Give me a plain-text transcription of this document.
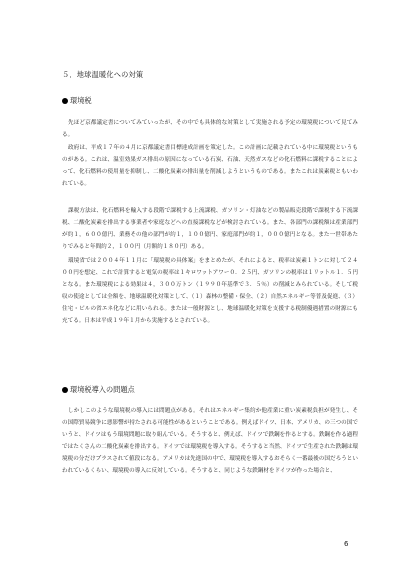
５．地球温暖化への対策
環境税

先ほど京都議定書についてみていったが、その中でも具体的な対策として実施される予定の環境税について見てみる。

政府は、平成１７年の４月に京都議定書目標達成計画を策定した。この計画に記載されている中に環境税というものがある。これは、温室効果ガス排出の原因になっている石炭、石油、天然ガスなどの化石燃料に課税することによって、化石燃料の使用量を抑制し、二酸化炭素の排出量を削減しようというものである。またこれは炭素税ともいわれている。

課税方法は、化石燃料を輸入する段階で課税する上流課税、ガソリン・灯油などの製品販売段階で課税する下流課税、二酸化炭素を排出する事業者や家庭などへの直接課税などが検討されている。また、各部門の課税額は産業部門が約１，６００億円、業務その他の部門が約１，１００億円、家庭部門が約１，０００億円となる。また一世帯あたりでみると年間約２，１００円（月額約１８０円）ある。

環境省では２００４年１１月に「環境税の具体案」をまとめたが、それによると、税率は炭素１トンに対して２４００円を想定、これで計算すると電気の税率は１キロワットアワー０．２５円、ガソリンの税率は１リットル１．５円となる。また環境税による効果は４，３００万トン（１９９０年基準で３．５％）の削減とみられている。そして税収の使途としては全額を、地球温暖化対策として、（１）森林の整備・保全、（２）自然エネルギー等普及促進、（３）住宅・ビルの省エネ化などに用いられる。または一般財源とし、地球温暖化対策を支援する税制優遇措置の財源にも充てる。日本は平成１９年１月から実施するとされている。

環境税導入の問題点

しかしこのような環境税の導入には問題点がある。それはエネルギー集約か他産業に重い炭素税負担が発生し、その国際貿易競争に悪影響が持たされる可能性があるということである。例えばドイツ、日本、アメリカ、の三つの国でいうと、ドイツはもう環境問題に取り組んでいる。そうすると、例えば、ドイツで鉄鋼を作るとする。鉄鋼を作る過程ではたくさんの二酸化炭素を排出する。ドイツでは環境税を導入する。そうすると当然、ドイツで生産された鉄鋼は環境税の分だけプラスされて値段になる。アメリカは先進国の中で、環境税を導入するおそらく一番最後の国だろうといわれているくらい、環境税の導入に反対している。そうすると、同じような鉄鋼材をドイツが作った場合と、

6
